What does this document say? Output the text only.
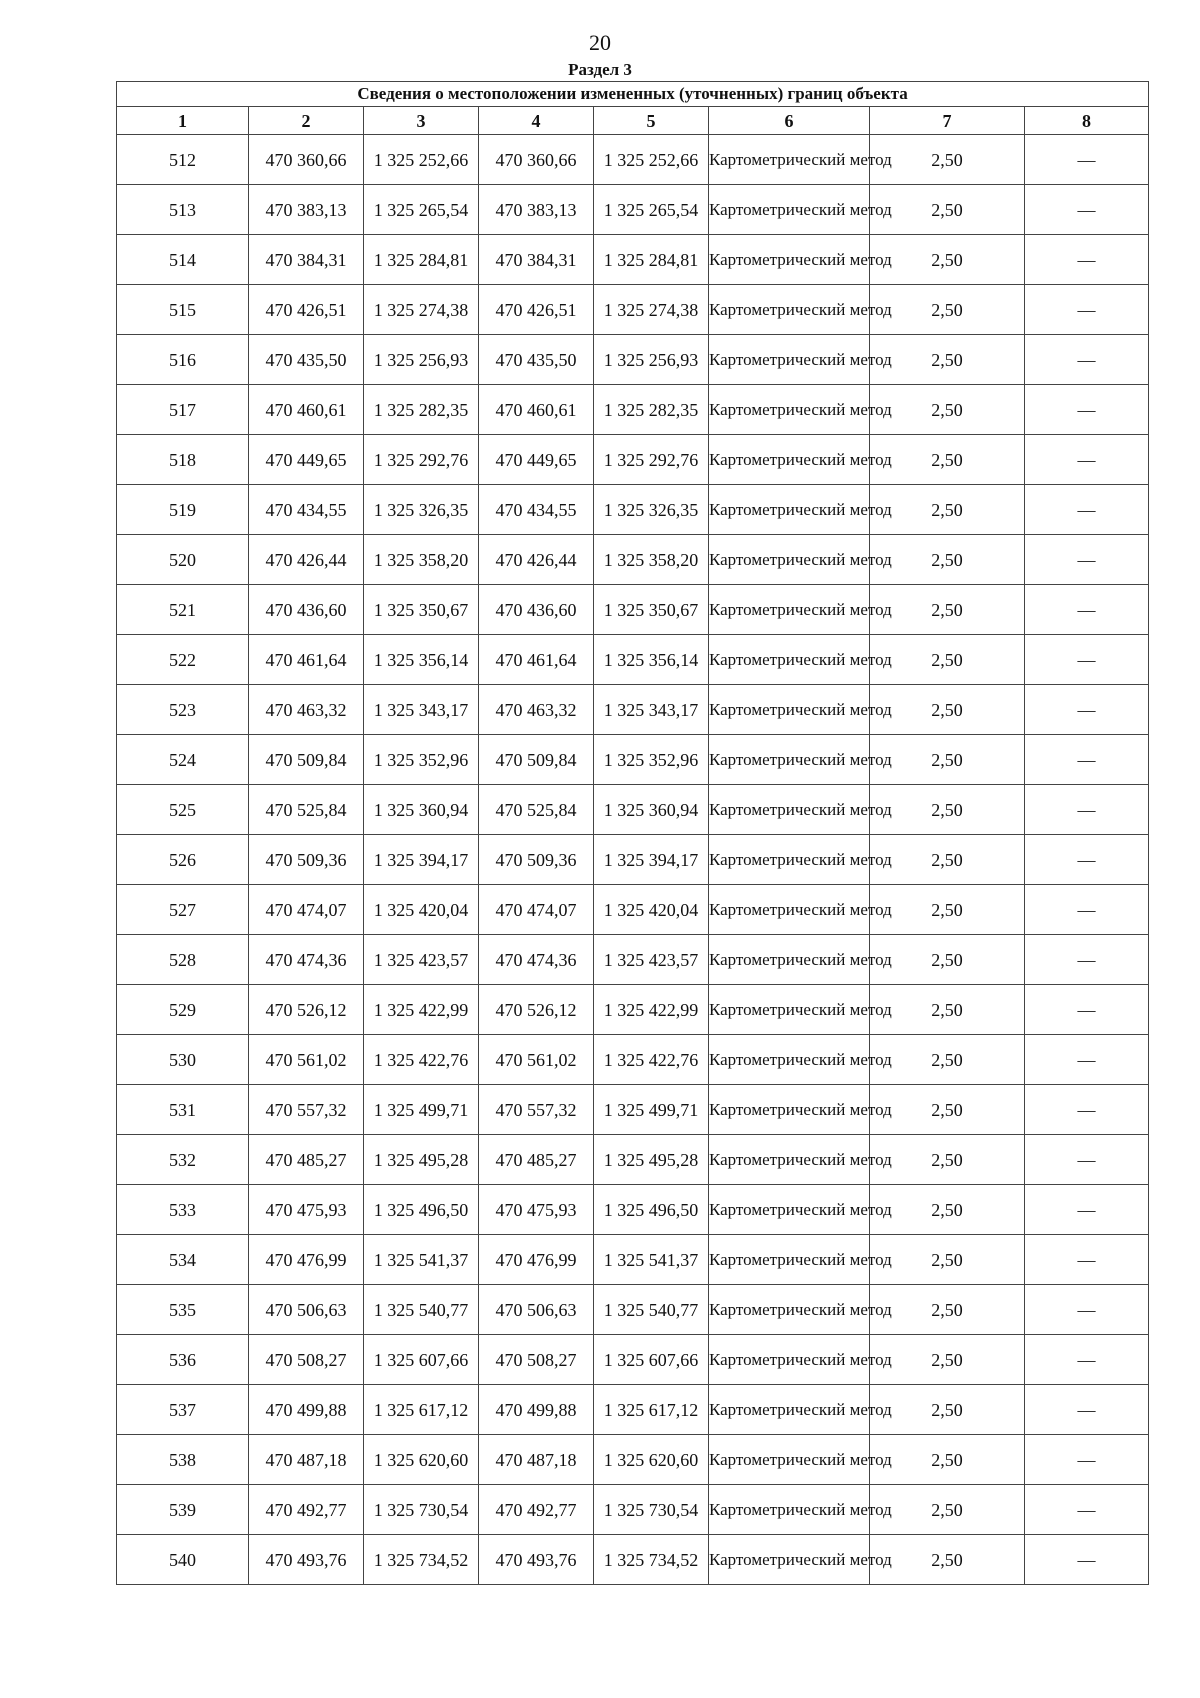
20
Раздел 3
Сведения о местоположении измененных (уточненных) границ объекта							
1	2	3	4	5	6	7	8
512	470 360,66	1 325 252,66	470 360,66	1 325 252,66	Картометрический метод	2,50	—
513	470 383,13	1 325 265,54	470 383,13	1 325 265,54	Картометрический метод	2,50	—
514	470 384,31	1 325 284,81	470 384,31	1 325 284,81	Картометрический метод	2,50	—
515	470 426,51	1 325 274,38	470 426,51	1 325 274,38	Картометрический метод	2,50	—
516	470 435,50	1 325 256,93	470 435,50	1 325 256,93	Картометрический метод	2,50	—
517	470 460,61	1 325 282,35	470 460,61	1 325 282,35	Картометрический метод	2,50	—
518	470 449,65	1 325 292,76	470 449,65	1 325 292,76	Картометрический метод	2,50	—
519	470 434,55	1 325 326,35	470 434,55	1 325 326,35	Картометрический метод	2,50	—
520	470 426,44	1 325 358,20	470 426,44	1 325 358,20	Картометрический метод	2,50	—
521	470 436,60	1 325 350,67	470 436,60	1 325 350,67	Картометрический метод	2,50	—
522	470 461,64	1 325 356,14	470 461,64	1 325 356,14	Картометрический метод	2,50	—
523	470 463,32	1 325 343,17	470 463,32	1 325 343,17	Картометрический метод	2,50	—
524	470 509,84	1 325 352,96	470 509,84	1 325 352,96	Картометрический метод	2,50	—
525	470 525,84	1 325 360,94	470 525,84	1 325 360,94	Картометрический метод	2,50	—
526	470 509,36	1 325 394,17	470 509,36	1 325 394,17	Картометрический метод	2,50	—
527	470 474,07	1 325 420,04	470 474,07	1 325 420,04	Картометрический метод	2,50	—
528	470 474,36	1 325 423,57	470 474,36	1 325 423,57	Картометрический метод	2,50	—
529	470 526,12	1 325 422,99	470 526,12	1 325 422,99	Картометрический метод	2,50	—
530	470 561,02	1 325 422,76	470 561,02	1 325 422,76	Картометрический метод	2,50	—
531	470 557,32	1 325 499,71	470 557,32	1 325 499,71	Картометрический метод	2,50	—
532	470 485,27	1 325 495,28	470 485,27	1 325 495,28	Картометрический метод	2,50	—
533	470 475,93	1 325 496,50	470 475,93	1 325 496,50	Картометрический метод	2,50	—
534	470 476,99	1 325 541,37	470 476,99	1 325 541,37	Картометрический метод	2,50	—
535	470 506,63	1 325 540,77	470 506,63	1 325 540,77	Картометрический метод	2,50	—
536	470 508,27	1 325 607,66	470 508,27	1 325 607,66	Картометрический метод	2,50	—
537	470 499,88	1 325 617,12	470 499,88	1 325 617,12	Картометрический метод	2,50	—
538	470 487,18	1 325 620,60	470 487,18	1 325 620,60	Картометрический метод	2,50	—
539	470 492,77	1 325 730,54	470 492,77	1 325 730,54	Картометрический метод	2,50	—
540	470 493,76	1 325 734,52	470 493,76	1 325 734,52	Картометрический метод	2,50	—
